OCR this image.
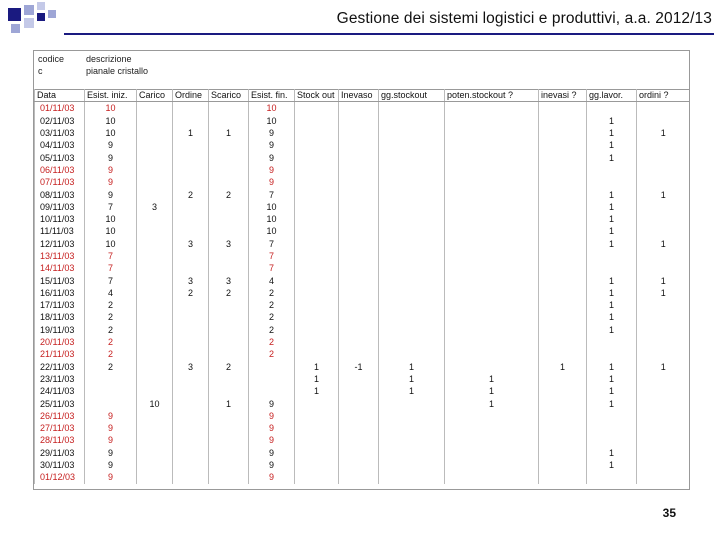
Gestione dei sistemi logistici e produttivi, a.a. 2012/13
codice
c
descrizione
pianale cristallo
Data	Esist. iniz.	Carico	Ordine	Scarico	Esist. fin.	Stock out	Inevaso	gg.stockout	poten.stockout ?	inevasi ?	gg.lavor.	ordini ?
01/11/03	10				10							
02/11/03	10				10						1	
03/11/03	10		1	1	9						1	1
04/11/03	9				9						1	
05/11/03	9				9						1	
06/11/03	9				9							
07/11/03	9				9							
08/11/03	9		2	2	7						1	1
09/11/03	7	3			10						1	
10/11/03	10				10						1	
11/11/03	10				10						1	
12/11/03	10		3	3	7						1	1
13/11/03	7				7							
14/11/03	7				7							
15/11/03	7		3	3	4						1	1
16/11/03	4		2	2	2						1	1
17/11/03	2				2						1	
18/11/03	2				2						1	
19/11/03	2				2						1	
20/11/03	2				2							
21/11/03	2				2							
22/11/03	2		3	2		1	-1	1		1	1	1
23/11/03						1		1	1		1	
24/11/03						1		1	1		1	
25/11/03		10		1	9				1		1	
26/11/03	9				9							
27/11/03	9				9							
28/11/03	9				9							
29/11/03	9				9						1	
30/11/03	9				9						1	
01/12/03	9				9							
35
